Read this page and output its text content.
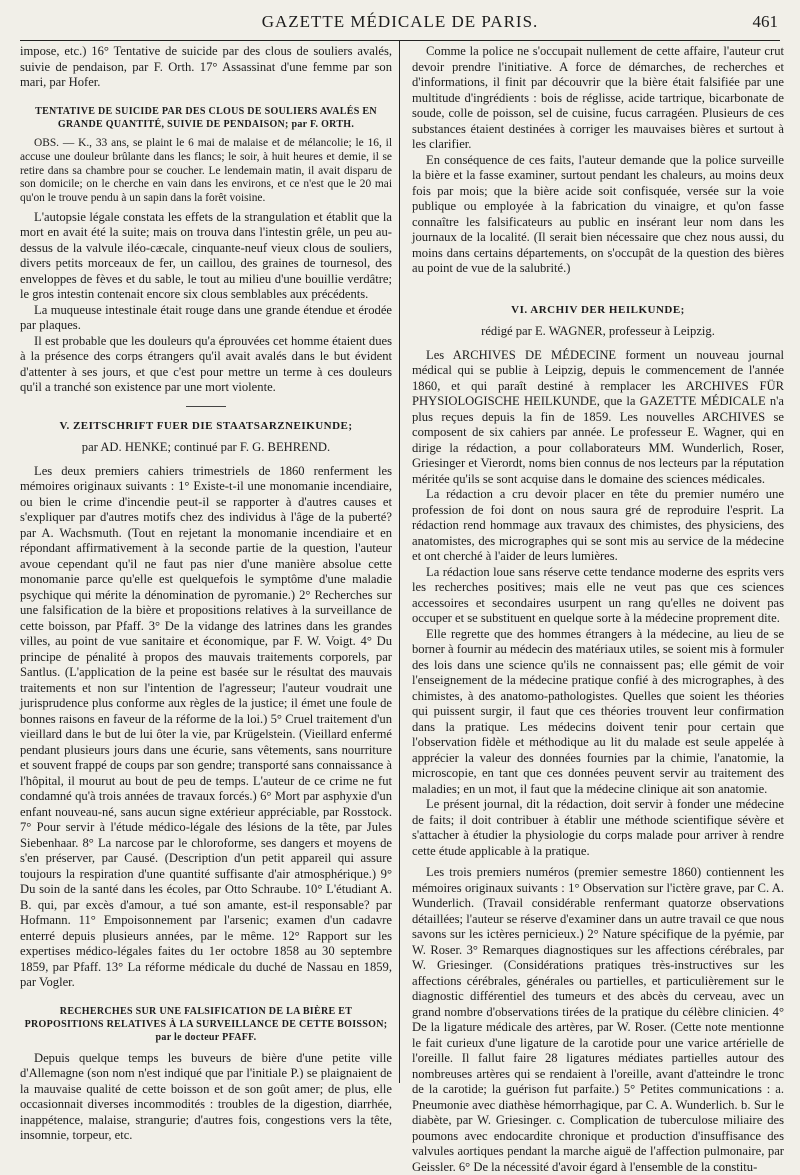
GAZETTE MÉDICALE DE PARIS.	461

impose, etc.) 16° Tentative de suicide par des clous de souliers avalés, suivie de pendaison, par F. Orth. 17° Assassinat d'une femme par son mari, par Hofer.

TENTATIVE DE SUICIDE PAR DES CLOUS DE SOULIERS AVALÉS EN GRANDE QUANTITÉ, SUIVIE DE PENDAISON; par F. ORTH.

OBS. — K., 33 ans, se plaint le 6 mai de malaise et de mélancolie; le 16, il accuse une douleur brûlante dans les flancs; le soir, à huit heures et demie, il se retire dans sa chambre pour se coucher. Le lendemain matin, il avait disparu de son domicile; on le cherche en vain dans les environs, et ce n'est que le 20 mai qu'on le trouve pendu à un sapin dans la forêt voisine.

L'autopsie légale constata les effets de la strangulation et établit que la mort en avait été la suite; mais on trouva dans l'intestin grêle, un peu au-dessus de la valvule iléo-cæcale, cinquante-neuf vieux clous de souliers, divers petits morceaux de fer, un caillou, des graines de tournesol, des enveloppes de fèves et du sable, le tout au milieu d'une bouillie verdâtre; le gros intestin contenait encore six clous semblables aux précédents.

La muqueuse intestinale était rouge dans une grande étendue et érodée par plaques.

Il est probable que les douleurs qu'a éprouvées cet homme étaient dues à la présence des corps étrangers qu'il avait avalés dans le but évident d'attenter à ses jours, et que c'est pour mettre un terme à ces douleurs qu'il a tranché son existence par une mort violente.

V. ZEITSCHRIFT FUER DIE STAATSARZNEIKUNDE;
par AD. HENKE; continué par F. G. BEHREND.

Les deux premiers cahiers trimestriels de 1860 renferment les mémoires originaux suivants : 1° Existe-t-il une monomanie incendiaire, ou bien le crime d'incendie peut-il se rapporter à d'autres causes et s'expliquer par d'autres motifs chez des individus à l'âge de la puberté? par A. Wachsmuth. (Tout en rejetant la monomanie incendiaire et en répondant affirmativement à la seconde partie de la question, l'auteur avoue cependant qu'il ne faut pas nier d'une manière absolue cette monomanie parce qu'elle est quelquefois le symptôme d'une maladie psychique qui mérite la dénomination de pyromanie.) 2° Recherches sur une falsification de la bière et propositions relatives à la surveillance de cette boisson, par Pfaff. 3° De la vidange des latrines dans les grandes villes, au point de vue sanitaire et économique, par F. W. Voigt. 4° Du principe de pénalité à propos des mauvais traitements corporels, par Santlus. (L'application de la peine est basée sur le résultat des mauvais traitements et non sur l'intention de l'agresseur; l'auteur voudrait une jurisprudence plus conforme aux règles de la justice; il émet une foule de bonnes raisons en faveur de la réforme de la loi.) 5° Cruel traitement d'un vieillard dans le but de lui ôter la vie, par Krügelstein. (Vieillard enfermé pendant plusieurs jours dans une écurie, sans vêtements, sans nourriture et souvent frappé de coups par son gendre; transporté sans connaissance à l'hôpital, il mourut au bout de peu de temps. L'auteur de ce crime ne fut condamné qu'à trois années de travaux forcés.) 6° Mort par asphyxie d'un enfant nouveau-né, sans aucun signe extérieur appréciable, par Rosstock. 7° Pour servir à l'étude médico-légale des lésions de la tête, par Jules Siebenhaar. 8° La narcose par le chloroforme, ses dangers et moyens de s'en préserver, par Causé. (Description d'un petit appareil qui assure toujours la respiration d'une quantité suffisante d'air atmosphérique.) 9° Du soin de la santé dans les écoles, par Otto Schraube. 10° L'étudiant A. B. qui, par excès d'amour, a tué son amante, est-il responsable? par Hofmann. 11° Empoisonnement par l'arsenic; examen d'un cadavre enterré depuis plusieurs années, par le même. 12° Rapport sur les expertises médico-légales faites du 1er octobre 1858 au 30 septembre 1859, par Pfaff. 13° La réforme médicale du duché de Nassau en 1859, par Vogler.

RECHERCHES SUR UNE FALSIFICATION DE LA BIÈRE ET PROPOSITIONS RELATIVES À LA SURVEILLANCE DE CETTE BOISSON; par le docteur PFAFF.

Depuis quelque temps les buveurs de bière d'une petite ville d'Allemagne (son nom n'est indiqué que par l'initiale P.) se plaignaient de la mauvaise qualité de cette boisson et de son goût amer; de plus, elle occasionnait diverses incommodités : troubles de la digestion, diarrhée, inappétence, malaise, strangurie; d'autres fois, congestions vers la tête, insomnie, torpeur, etc.

Comme la police ne s'occupait nullement de cette affaire, l'auteur crut devoir prendre l'initiative. A force de démarches, de recherches et d'informations, il finit par découvrir que la bière était falsifiée par une multitude d'ingrédients : bois de réglisse, acide tartrique, bicarbonate de soude, colle de poisson, sel de cuisine, fucus carragéen. Plusieurs de ces substances étaient destinées à corriger les mauvaises bières et surtout à les clarifier.

En conséquence de ces faits, l'auteur demande que la police surveille la bière et la fasse examiner, surtout pendant les chaleurs, au moins deux fois par mois; que la bière acide soit confisquée, versée sur la voie publique ou employée à la fabrication du vinaigre, et qu'on fasse connaître les falsificateurs au public en insérant leur nom dans les journaux de la localité. (Il serait bien nécessaire que chez nous aussi, du moins dans certains départements, on s'occupât de la question des bières au point de vue de la salubrité.)

VI. ARCHIV DER HEILKUNDE;
rédigé par E. WAGNER, professeur à Leipzig.

Les ARCHIVES DE MÉDECINE forment un nouveau journal médical qui se publie à Leipzig, depuis le commencement de l'année 1860, et qui paraît destiné à remplacer les ARCHIVES FÜR PHYSIOLOGISCHE HEILKUNDE, que la GAZETTE MÉDICALE n'a plus reçues depuis la fin de 1859. Les nouvelles ARCHIVES se composent de six cahiers par année. Le professeur E. Wagner, qui en dirige la rédaction, a pour collaborateurs MM. Wunderlich, Roser, Griesinger et Vierordt, noms bien connus de nos lecteurs par la réputation méritée qu'ils se sont acquise dans le domaine des sciences médicales.

La rédaction a cru devoir placer en tête du premier numéro une profession de foi dont on nous saura gré de reproduire l'esprit. La rédaction rend hommage aux travaux des chimistes, des physiciens, des anatomistes, des micrographes qui se sont mis au service de la médecine et ont cherché à l'aider de leurs lumières.

La rédaction loue sans réserve cette tendance moderne des esprits vers les recherches positives; mais elle ne veut pas que ces sciences accessoires et secondaires usurpent un rang qu'elles ne doivent pas occuper et se substituent en quelque sorte à la médecine proprement dite.

Elle regrette que des hommes étrangers à la médecine, au lieu de se borner à fournir au médecin des matériaux utiles, se soient mis à formuler des lois dans une science qu'ils ne connaissent pas; elle gémit de voir l'enseignement de la médecine pratique confié à des micrographes, à des chimistes, à des anatomo-pathologistes. Quelles que soient les théories qui puissent surgir, il faut que ces théories trouvent leur confirmation dans la pratique. Les médecins doivent tenir pour certain que l'observation fidèle et méthodique au lit du malade est seule appelée à apprécier la valeur des données fournies par la chimie, l'anatomie, la microscopie, en tant que ces données peuvent servir au traitement des maladies; en un mot, il faut que la médecine clinique ait son anatomie.

Le présent journal, dit la rédaction, doit servir à fonder une médecine de faits; il doit contribuer à établir une méthode scientifique sévère et s'attacher à étudier la physiologie du corps malade pour arriver à rendre cette étude applicable à la pratique.

Les trois premiers numéros (premier semestre 1860) contiennent les mémoires originaux suivants : 1° Observation sur l'ictère grave, par C. A. Wunderlich. (Travail considérable renfermant quatorze observations détaillées; l'auteur se réserve d'examiner dans un autre travail ce que nous savons sur les ictères pernicieux.) 2° Nature spécifique de la pyémie, par W. Roser. 3° Remarques diagnostiques sur les affections cérébrales, par W. Griesinger. (Considérations pratiques très-instructives sur les affections cérébrales, générales ou partielles, et particulièrement sur le diagnostic différentiel des tumeurs et des abcès du cerveau, avec un grand nombre d'observations tirées de la pratique du célèbre clinicien. 4° De la ligature médicale des artères, par W. Roser. (Cette note mentionne le fait curieux d'une ligature de la carotide pour une varice artérielle de l'oreille. Il fallut faire 28 ligatures médiates partielles autour des nombreuses artères qui se rendaient à l'oreille, avant d'atteindre le tronc de la carotide; la guérison fut parfaite.) 5° Petites communications : a. Pneumonie avec diathèse hémorrhagique, par C. A. Wunderlich. b. Sur le diabète, par W. Griesinger. c. Complication de tuberculose miliaire des poumons avec endocardite chronique et production d'insuffisance des valvules aortiques pendant la marche aiguë de l'affection pulmonaire, par Geissler. 6° De la nécessité d'avoir égard à l'ensemble de la constitu-
